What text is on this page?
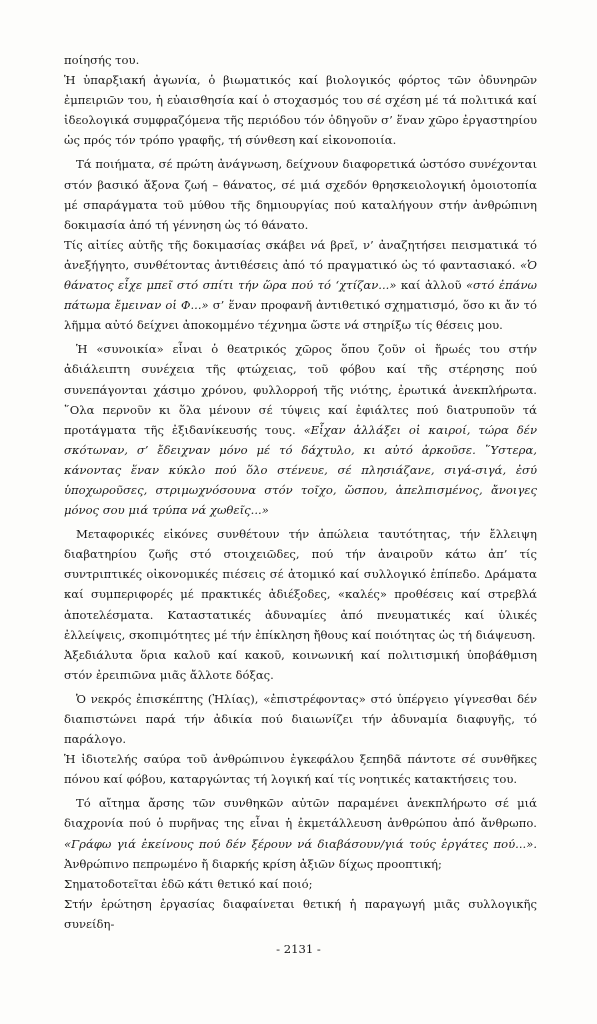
ποίησής του.

Ἡ ὑπαρξιακή ἀγωνία, ὁ βιωματικός καί βιολογικός φόρτος τῶν ὀδυνηρῶν ἐμπειριῶν του, ἡ εὐαισθησία καί ὁ στοχασμός του σέ σχέση μέ τά πολιτικά καί ἰδεολογικά συμφραζόμενα τῆς περιόδου τόν ὁδηγοῦν σ’ ἕναν χῶρο ἐργαστηρίου ὡς πρός τόν τρόπο γραφῆς, τή σύνθεση καί εἰκονοποιία.

Τά ποιήματα, σέ πρώτη ἀνάγνωση, δείχνουν διαφορετικά ὡστόσο συνέχονται στόν βασικό ἄξονα ζωή – θάνατος, σέ μιά σχεδόν θρησκειολογική ὁμοιοτοπία μέ σπαράγματα τοῦ μύθου τῆς δημιουργίας πού καταλήγουν στήν ἀνθρώπινη δοκιμασία ἀπό τή γέννηση ὡς τό θάνατο.

Τίς αἰτίες αὐτῆς τῆς δοκιμασίας σκάβει νά βρεῖ, ν’ ἀναζητήσει πεισματικά τό ἀνεξήγητο, συνθέτοντας ἀντιθέσεις ἀπό τό πραγματικό ὡς τό φαντασιακό. «Ὁ θάνατος εἶχε μπεῖ στό σπίτι τήν ὥρα πού τό ‘χτίζαν...» καί ἀλλοῦ «στό ἐπάνω πάτωμα ἔμειναν οἱ Φ...» σ’ ἕναν προφανῆ ἀντιθετικό σχηματισμό, ὅσο κι ἄν τό λῆμμα αὐτό δείχνει ἀποκομμένο τέχνημα ὥστε νά στηρίξω τίς θέσεις μου.

Ἡ «συνοικία» εἶναι ὁ θεατρικός χῶρος ὅπου ζοῦν οἱ ἥρωές του στήν ἀδιάλειπτη συνέχεια τῆς φτώχειας, τοῦ φόβου καί τῆς στέρησης πού συνεπάγονται χάσιμο χρόνου, φυλλορροή τῆς νιότης, ἐρωτικά ἀνεκπλήρωτα. ῞Ολα περνοῦν κι ὅλα μένουν σέ τύψεις καί ἐφιάλτες πού διατρυποῦν τά προτάγματα τῆς ἐξιδανίκευσής τους. «Εἶχαν ἀλλάξει οἱ καιροί, τώρα δέν σκότωναν, σ’ ἔδειχναν μόνο μέ τό δάχτυλο, κι αὐτό ἀρκοῦσε. ῞Υστερα, κάνοντας ἕναν κύκλο πού ὅλο στένευε, σέ πλησιάζανε, σιγά-σιγά, ἐσύ ὑποχωροῦσες, στριμωχνόσουνα στόν τοῖχο, ὥσπου, ἀπελπισμένος, ἄνοιγες μόνος σου μιά τρύπα νά χωθεῖς...»

Μεταφορικές εἰκόνες συνθέτουν τήν ἀπώλεια ταυτότητας, τήν ἔλλειψη διαβατηρίου ζωῆς στό στοιχειῶδες, πού τήν ἀναιροῦν κάτω ἀπ’ τίς συντριπτικές οἰκονομικές πιέσεις σέ ἀτομικό καί συλλογικό ἐπίπεδο. Δράματα καί συμπεριφορές μέ πρακτικές ἀδιέξοδες, «καλές» προθέσεις καί στρεβλά ἀποτελέσματα. Καταστατικές ἀδυναμίες ἀπό πνευματικές καί ὑλικές ἐλλείψεις, σκοπιμότητες μέ τήν ἐπίκληση ἤθους καί ποιότητας ὡς τή διάψευση.

Ἀξεδιάλυτα ὅρια καλοῦ καί κακοῦ, κοινωνική καί πολιτισμική ὑποβάθμιση στόν ἐρειπιῶνα μιᾶς ἄλλοτε δόξας.

Ὁ νεκρός ἐπισκέπτης (Ἠλίας), «ἐπιστρέφοντας» στό ὑπέργειο γίγνεσθαι δέν διαπιστώνει παρά τήν ἀδικία πού διαιωνίζει τήν ἀδυναμία διαφυγῆς, τό παράλογο.

Ἡ ἰδιοτελής σαύρα τοῦ ἀνθρώπινου ἐγκεφάλου ξεπηδᾶ πάντοτε σέ συνθῆκες πόνου καί φόβου, καταργώντας τή λογική καί τίς νοητικές κατακτήσεις του.

Τό αἴτημα ἄρσης τῶν συνθηκῶν αὐτῶν παραμένει ἀνεκπλήρωτο σέ μιά διαχρονία πού ὁ πυρῆνας της εἶναι ἡ ἐκμετάλλευση ἀνθρώπου ἀπό ἄνθρωπο. «Γράφω γιά ἐκείνους πού δέν ξέρουν νά διαβάσουν/γιά τούς ἐργάτες πού...». Ἀνθρώπινο πεπρωμένο ἤ διαρκής κρίση ἀξιῶν δίχως προοπτική;

Σηματοδοτεῖται ἐδῶ κάτι θετικό καί ποιό;

Στήν ἐρώτηση ἐργασίας διαφαίνεται θετική ἡ παραγωγή μιᾶς συλλογικῆς συνείδη-

- 2131 -
